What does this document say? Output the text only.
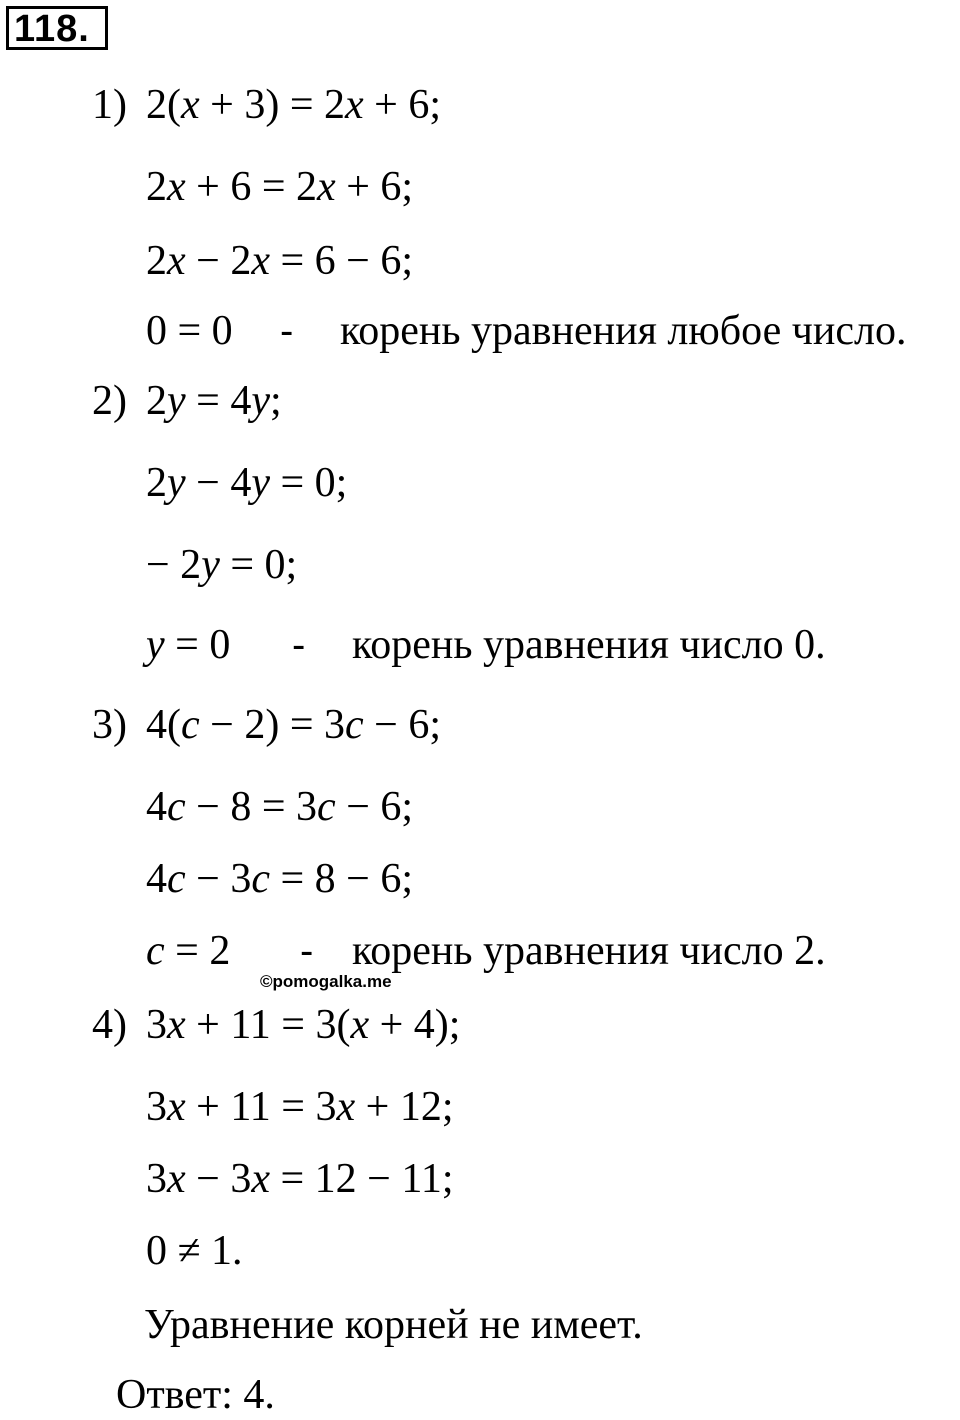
118.
1) 2(x + 3) = 2x + 6;
2x + 6 = 2x + 6;
2x − 2x = 6 − 6;
0 = 0 - корень уравнения любое число.
2) 2y = 4y;
2y − 4y = 0;
− 2y = 0;
y = 0 - корень уравнения число 0.
3) 4(c − 2) = 3c − 6;
4c − 8 = 3c − 6;
4c − 3c = 8 − 6;
c = 2 - корень уравнения число 2.
©pomogalka.me
4) 3x + 11 = 3(x + 4);
3x + 11 = 3x + 12;
3x − 3x = 12 − 11;
0 ≠ 1.
Уравнение корней не имеет.
Ответ: 4.
